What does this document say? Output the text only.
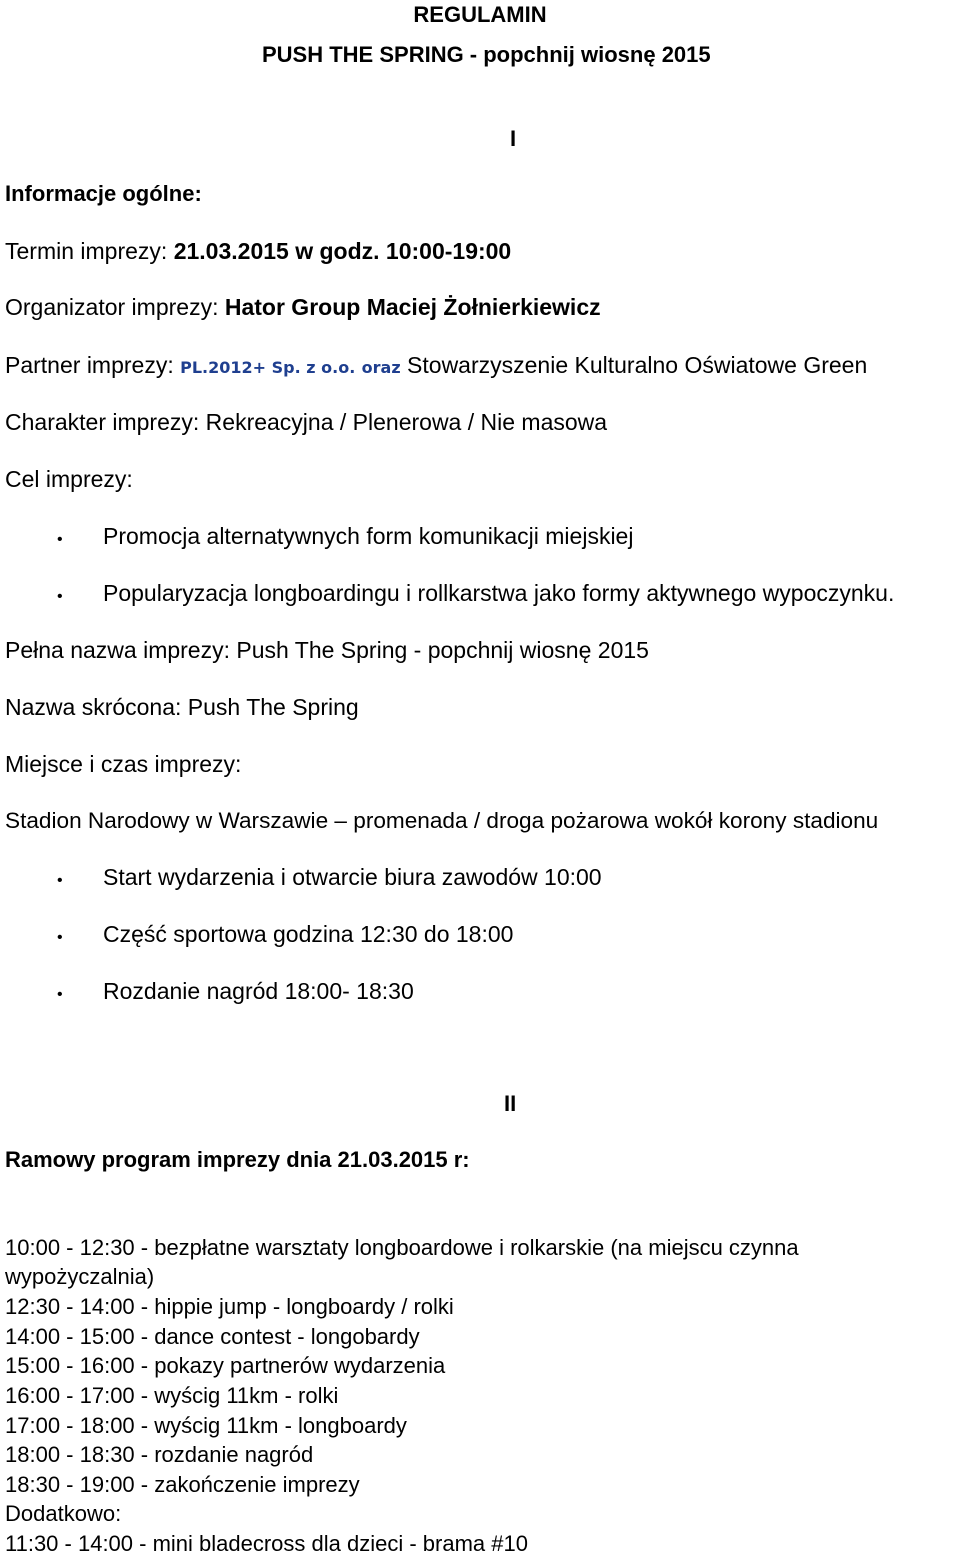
REGULAMIN
PUSH THE SPRING - popchnij wiosnę 2015
I
Informacje ogólne:
Termin imprezy: 21.03.2015 w godz. 10:00-19:00
Organizator imprezy: Hator Group Maciej Żołnierkiewicz
Partner imprezy: PL.2012+ Sp. z o.o. oraz Stowarzyszenie Kulturalno Oświatowe Green
Charakter imprezy: Rekreacyjna / Plenerowa / Nie masowa
Cel imprezy:
• Promocja alternatywnych form komunikacji miejskiej
• Popularyzacja longboardingu i rollkarstwa jako formy aktywnego wypoczynku.
Pełna nazwa imprezy: Push The Spring - popchnij wiosnę 2015
Nazwa skrócona: Push The Spring
Miejsce i czas imprezy:
Stadion Narodowy w Warszawie – promenada / droga pożarowa wokół korony stadionu
• Start wydarzenia i otwarcie biura zawodów 10:00
• Część sportowa godzina 12:30 do 18:00
• Rozdanie nagród 18:00- 18:30
II
Ramowy program imprezy dnia 21.03.2015 r:
10:00 - 12:30 - bezpłatne warsztaty longboardowe i rolkarskie (na miejscu czynna
wypożyczalnia)
12:30 - 14:00 - hippie jump - longboardy / rolki
14:00 - 15:00 - dance contest - longobardy
15:00 - 16:00 - pokazy partnerów wydarzenia
16:00 - 17:00 - wyścig 11km - rolki
17:00 - 18:00 - wyścig 11km - longboardy
18:00 - 18:30 - rozdanie nagród
18:30 - 19:00 - zakończenie imprezy
Dodatkowo:
11:30 - 14:00 - mini bladecross dla dzieci - brama #10
